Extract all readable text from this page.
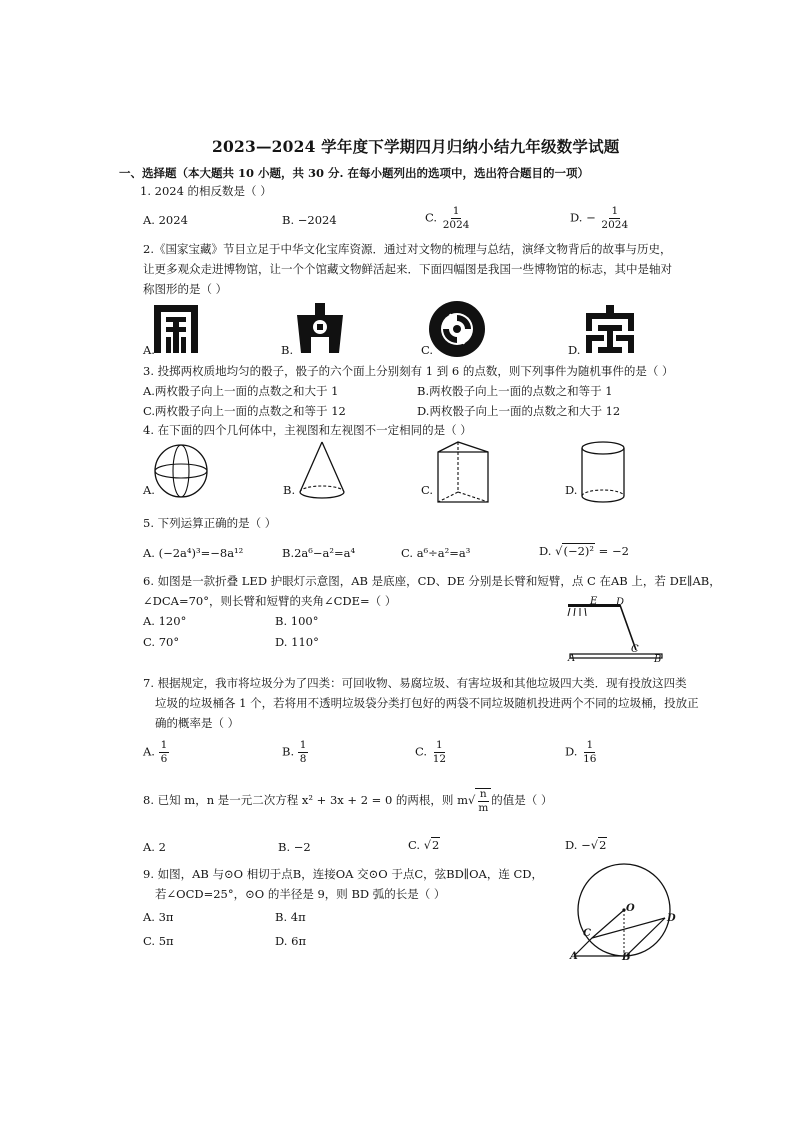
2023—2024 学年度下学期四月归纳小结九年级数学试题
一、选择题（本大题共 10 小题，共 30 分. 在每小题列出的选项中，选出符合题目的一项）
1. 2024 的相反数是（ ）
A. 2024	B. −2024	C. $\frac{1}{2024}$	D. − $\frac{1}{2024}$
2.《国家宝藏》节目立足于中华文化宝库资源．通过对文物的梳理与总结，演绎文物背后的故事与历史，
让更多观众走进博物馆，让一个个馆藏文物鲜活起来．下面四幅图是我国一些博物馆的标志，其中是轴对
称图形的是（ ）
A.	B.	C.	D.
3. 投掷两枚质地均匀的骰子，骰子的六个面上分别刻有 1 到 6 的点数，则下列事件为随机事件的是（ ）
A.两枚骰子向上一面的点数之和大于 1	B.两枚骰子向上一面的点数之和等于 1
C.两枚骰子向上一面的点数之和等于 12	D.两枚骰子向上一面的点数之和大于 12
4. 在下面的四个几何体中，主视图和左视图不一定相同的是（ ）
A.	B.	C.	D.
5. 下列运算正确的是（ ）
A. (−2a⁴)³=−8a¹²	B.2a⁶−a²=a⁴	C. a⁶÷a²=a³	D. √(−2)² = −2
6. 如图是一款折叠 LED 护眼灯示意图，AB 是底座，CD、DE 分别是长臂和短臂，点 C 在AB 上，若 DE∥AB，
∠DCA=70°，则长臂和短臂的夹角∠CDE=（ ）
A. 120°	B. 100°
C. 70°	D. 110°
E D
C
A	B
7. 根据规定，我市将垃圾分为了四类：可回收物、易腐垃圾、有害垃圾和其他垃圾四大类．现有投放这四类
垃圾的垃圾桶各 1 个，若将用不透明垃圾袋分类打包好的两袋不同垃圾随机投进两个不同的垃圾桶，投放正
确的概率是（ ）
A. $\frac{1}{6}$	B. $\frac{1}{8}$	C. $\frac{1}{12}$	D. $\frac{1}{16}$
8. 已知 m，n 是一元二次方程 x² + 3x + 2 = 0 的两根，则 $m√ \frac{n}{m}$ 的值是（ ）
A. 2	B. −2	C. √2	D. −√2
9. 如图，AB 与⊙O 相切于点B，连接OA 交⊙O 于点C，弦BD∥OA，连 CD，
若∠OCD=25°，⊙O 的半径是 9，则 BD 弧的长是（ ）
A. 3π	B. 4π
C. 5π	D. 6π
O
C
D
A	B
